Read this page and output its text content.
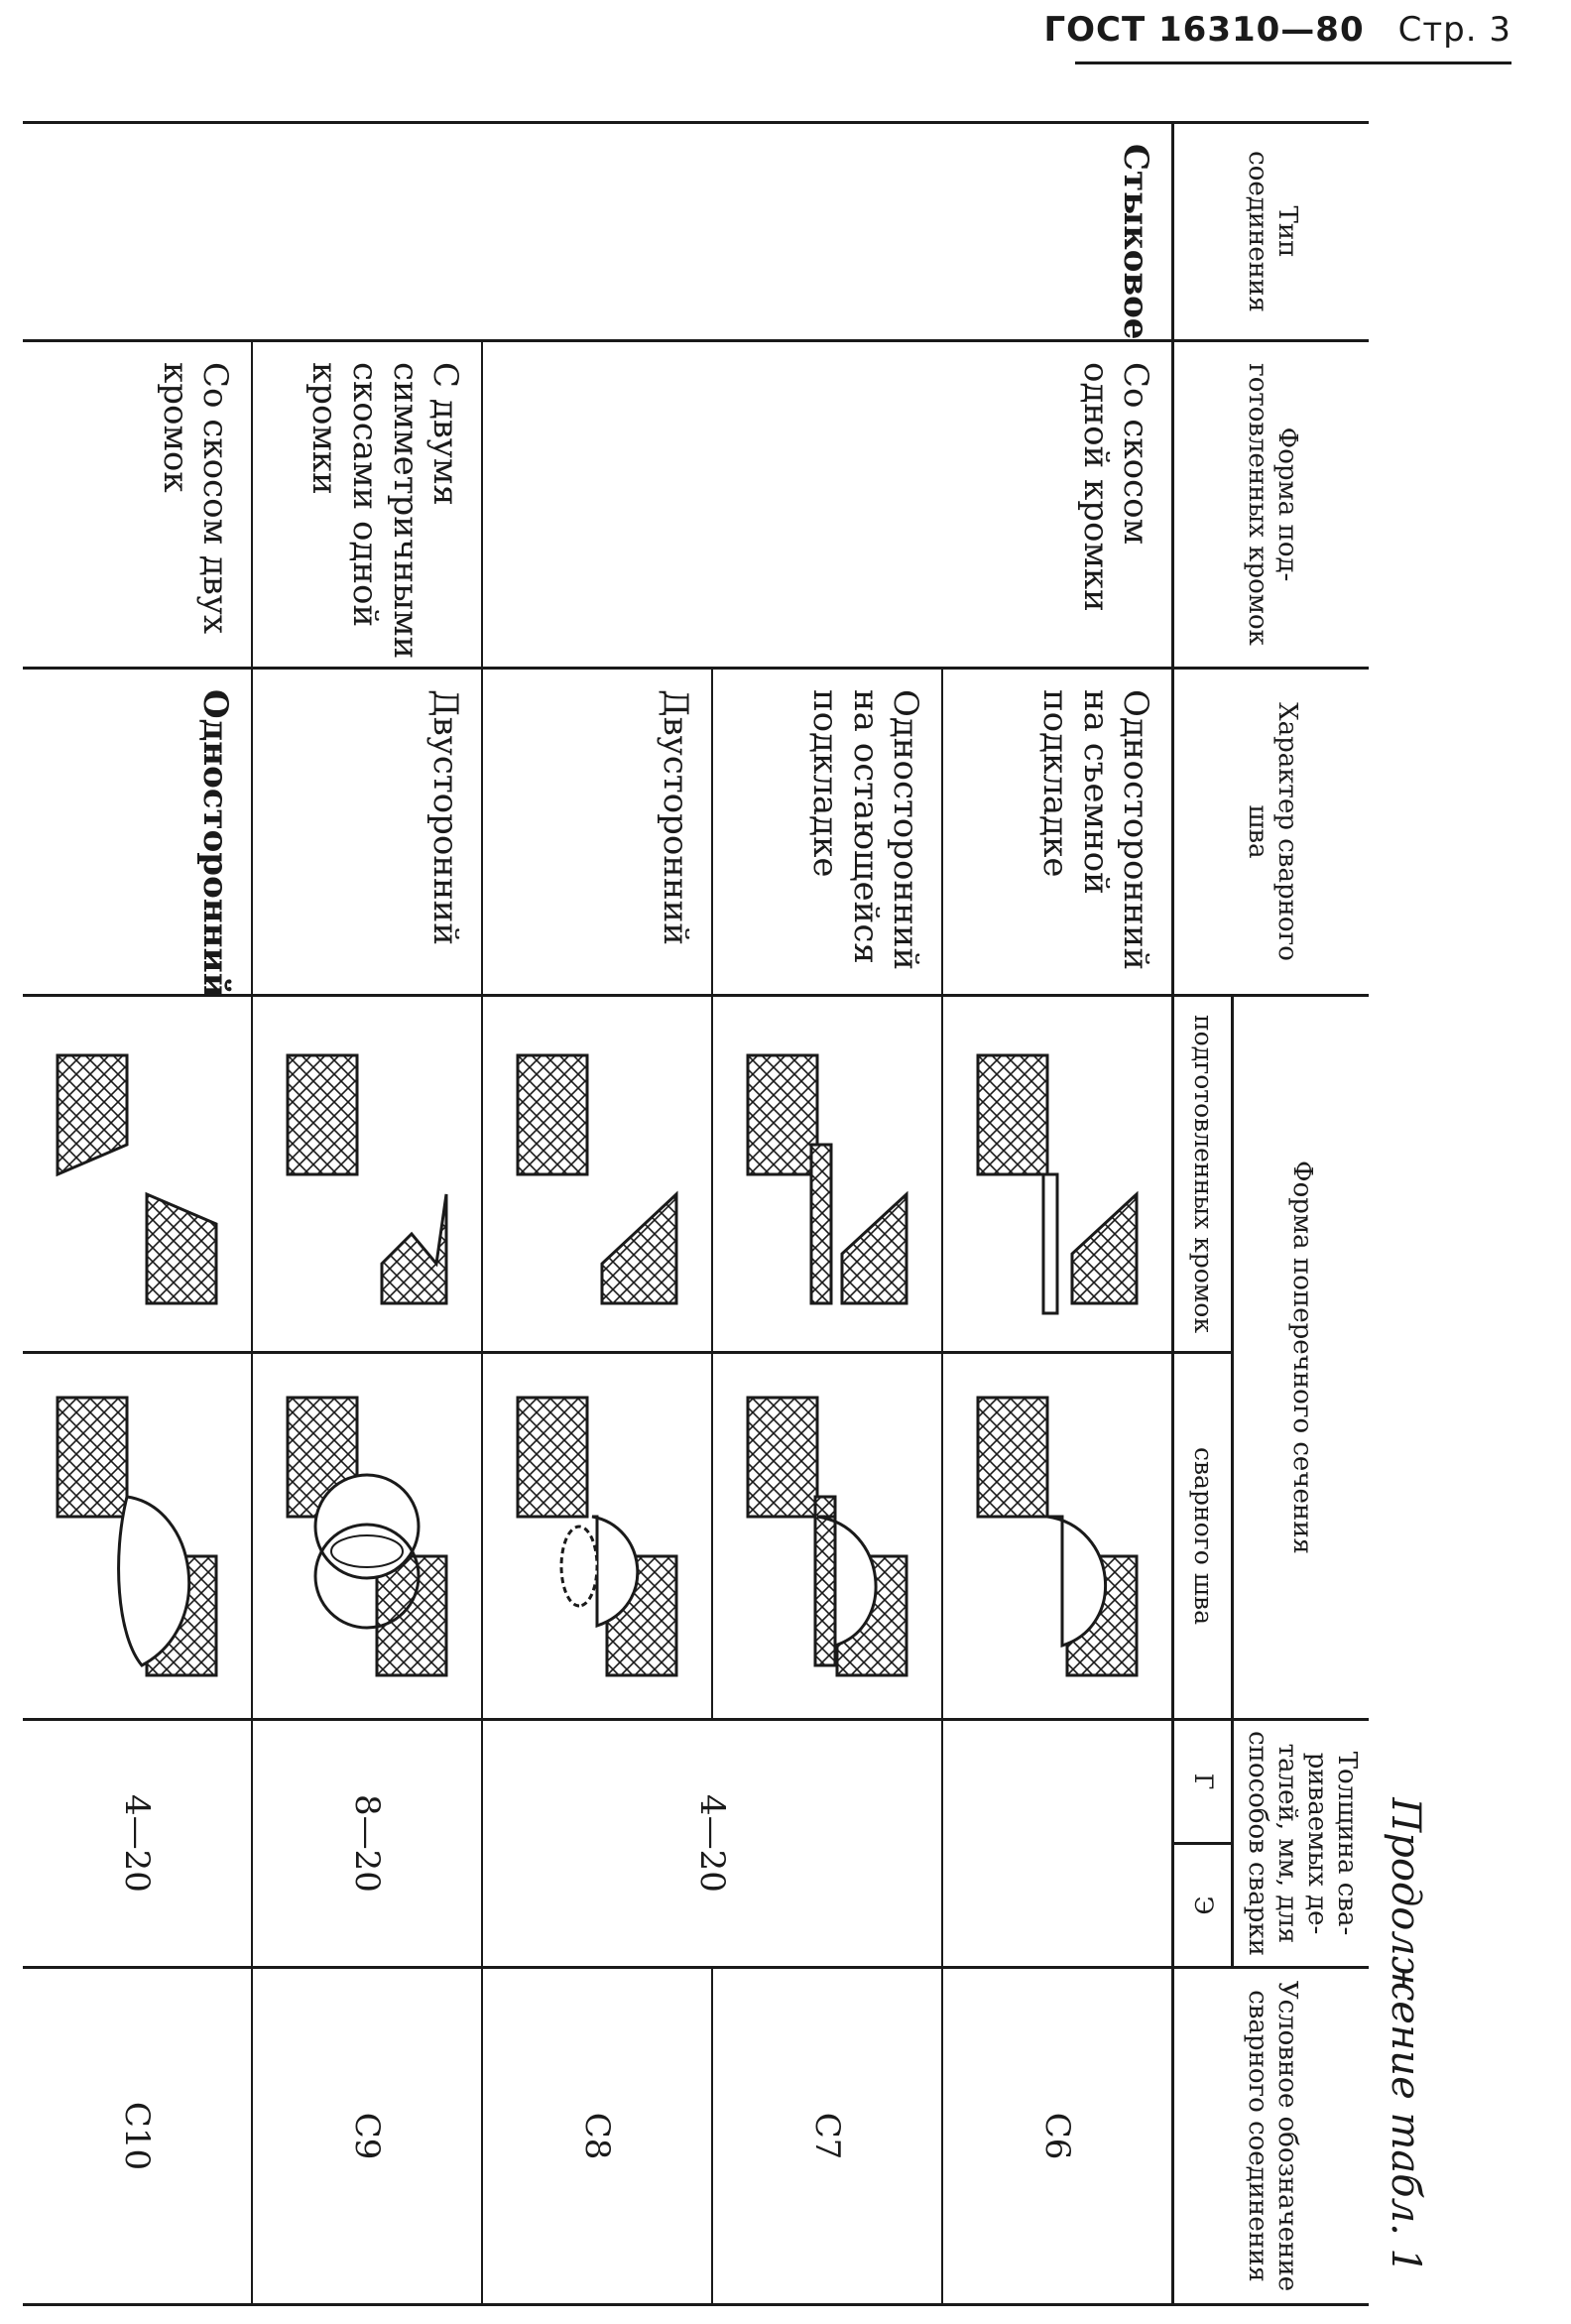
ГОСТ 16310—80 Стр. 3
Продолжение табл. 1
Тип соединения	Форма подготовленных кромок	Характер сварного шва	Форма поперечного сечения		Толщина свариваемых деталей, мм, для способов сварки		Условное обозначение сварного соединения
			подготовленных кромок	сварного шва	Г	Э	

Стыковое	Со скосом одной кромки	Односторонний на съемной подкладке					С6

		Односторонний на остающейся подкладке			4—20		С7

		Двусторонний					С8

	С двумя симметричными скосами одной кромки	Двусторонний			8—20		С9

	Со скосом двух кромок	Односторонний			4—20		С10
